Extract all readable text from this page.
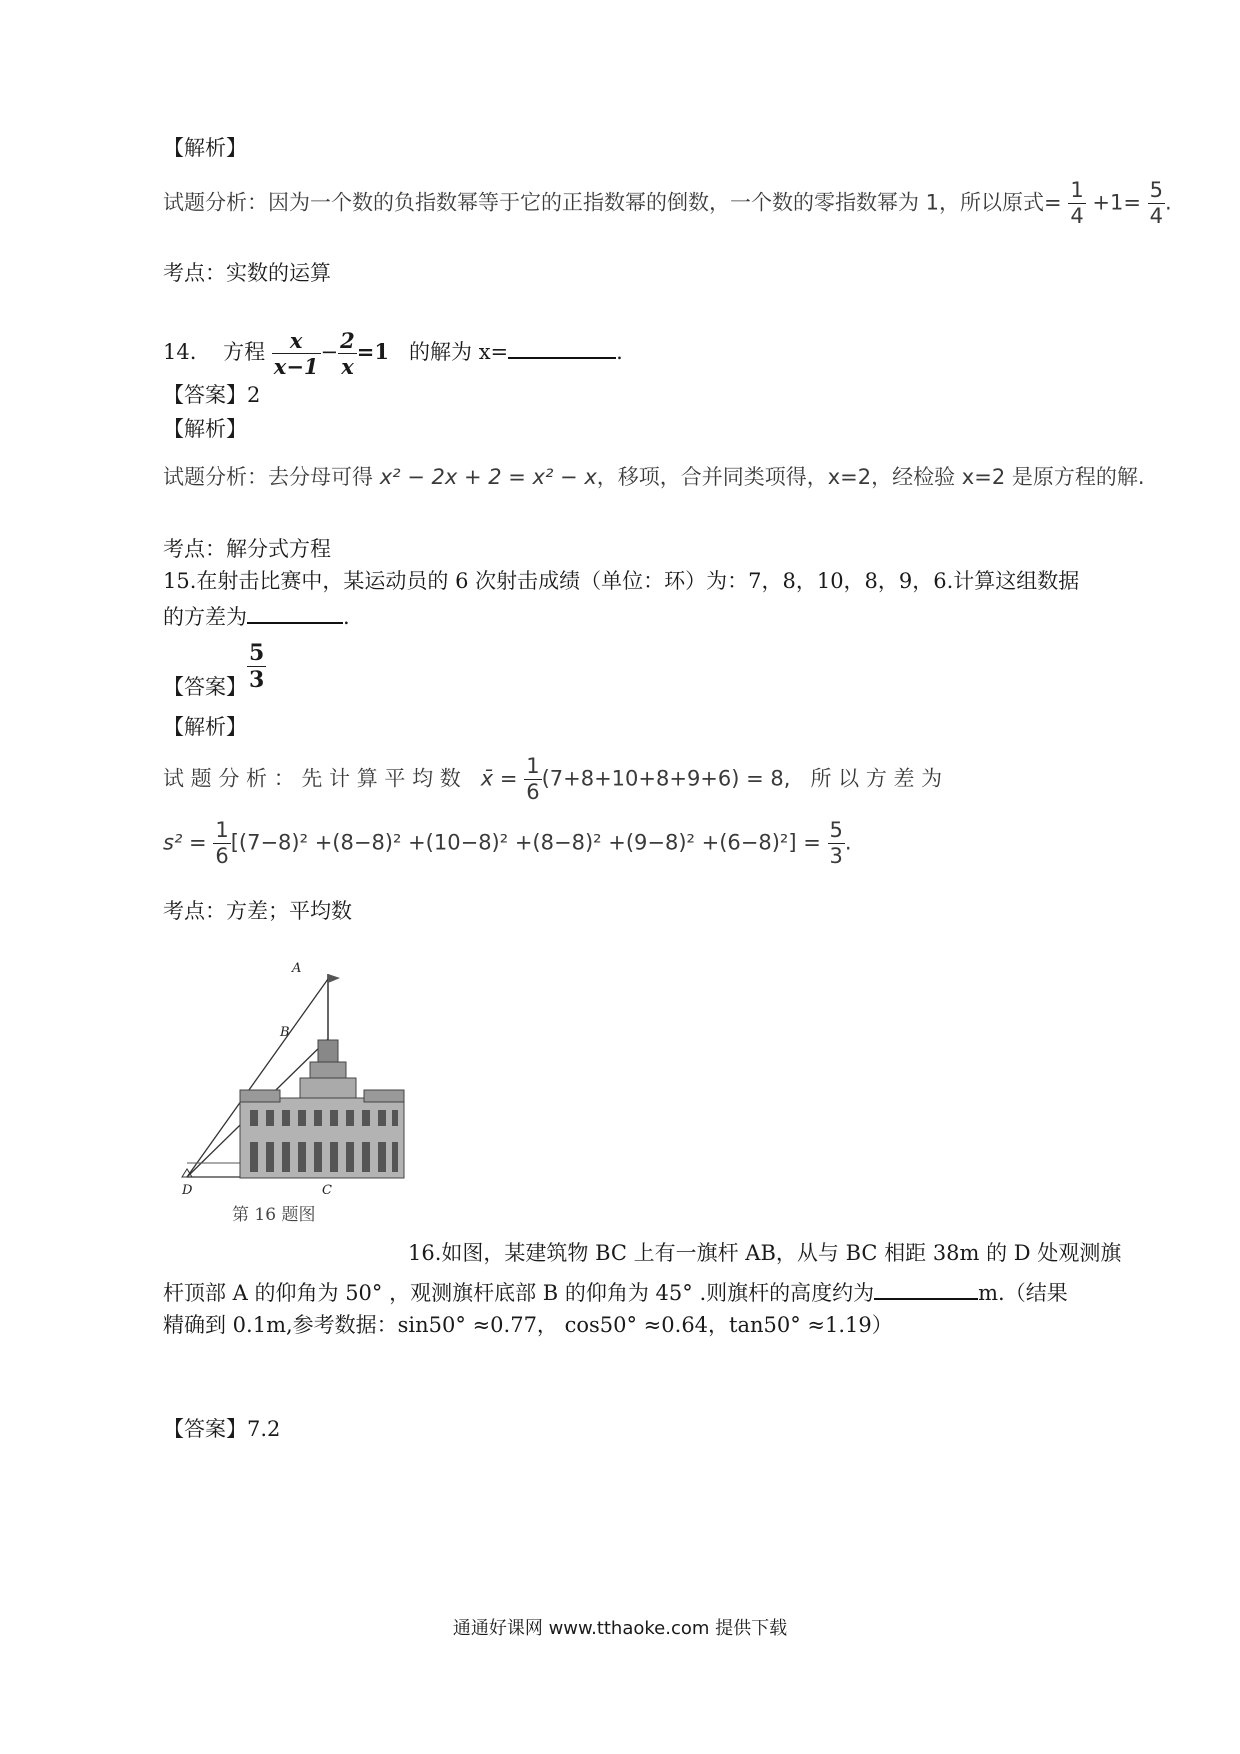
【解析】
试题分析：因为一个数的负指数幂等于它的正指数幂的倒数，一个数的零指数幂为 1，所以原式= $\frac{1}{4} +1= \frac{5}{4}$ .
考点：实数的运算
14. 方程 $\frac{x}{x-1} - \frac{2}{x} =1$ 的解为 x=	.
【答案】2
【解析】
试题分析：去分母可得 x² − 2x + 2 = x² − x，移项，合并同类项得，x=2，经检验 x=2 是原方程的解.
考点：解分式方程
15.在射击比赛中，某运动员的 6 次射击成绩（单位：环）为：7，8，10，8，9，6.计算这组数据
的方差为	.
【答案】 $\frac{5}{3}$
【解析】
试 题 分 析 ： 先 计 算 平 均 数 x̄ = $\frac{1}{6} (7+8+10+8+9+6) = 8$, 所 以 方 差 为
$s^2 = \frac{1}{6} [(7-8)^2 +(8-8)^2 +(10-8)^2 +(8-8)^2 +(9-8)^2 +(6-8)^2] = \frac{5}{3}$ .
考点：方差；平均数
A
B
C
D
第 16 题图
16.如图，某建筑物 BC 上有一旗杆 AB，从与 BC 相距 38m 的 D 处观测旗
杆顶部 A 的仰角为 50° ，观测旗杆底部 B 的仰角为 45° .则旗杆的高度约为	m.（结果
精确到 0.1m,参考数据：sin50° ≈0.77， cos50° ≈0.64，tan50° ≈1.19）
【答案】7.2
通通好课网 www.tthaoke.com 提供下载
